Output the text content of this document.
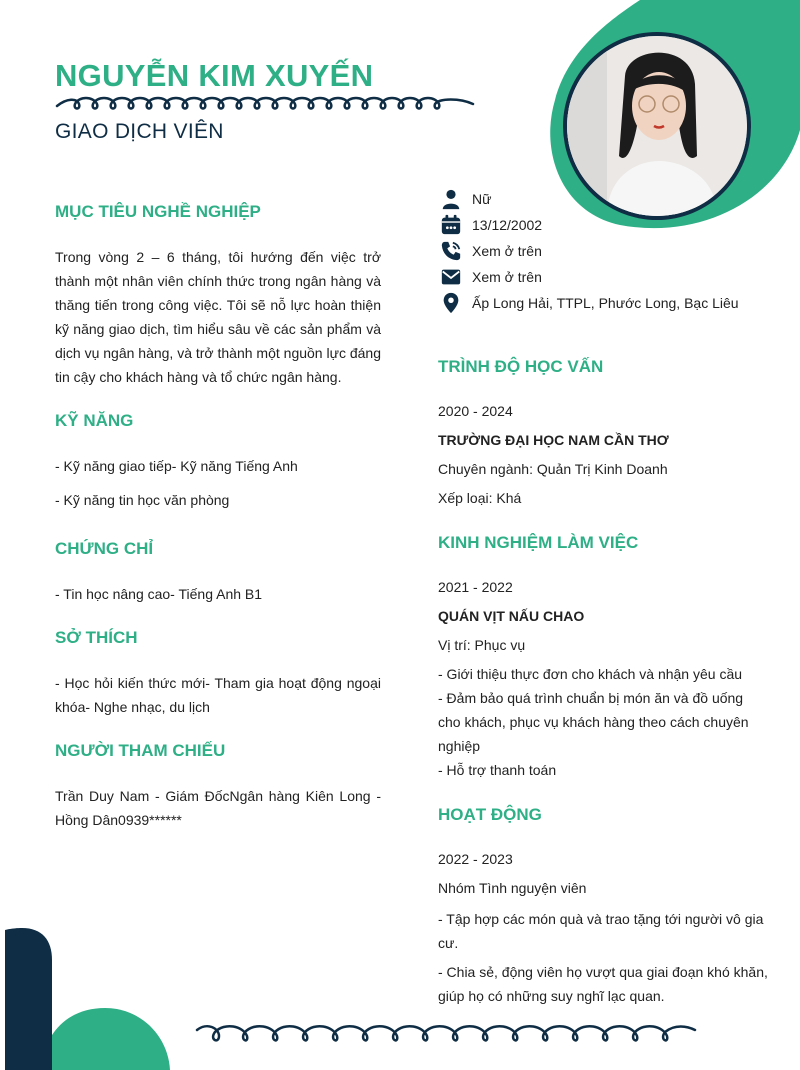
NGUYỄN KIM XUYẾN
GIAO DỊCH VIÊN
Nữ
13/12/2002
Xem ở trên
Xem ở trên
Ấp Long Hải, TTPL, Phước Long, Bạc Liêu
MỤC TIÊU NGHỀ NGHIỆP

Trong vòng 2 – 6 tháng, tôi hướng đến việc trở thành một nhân viên chính thức trong ngân hàng và thăng tiến trong công việc. Tôi sẽ nỗ lực hoàn thiện kỹ năng giao dịch, tìm hiểu sâu về các sản phẩm và dịch vụ ngân hàng, và trở thành một nguồn lực đáng tin cậy cho khách hàng và tổ chức ngân hàng.

KỸ NĂNG

- Kỹ năng giao tiếp- Kỹ năng Tiếng Anh

- Kỹ năng tin học văn phòng

CHỨNG CHỈ

- Tin học nâng cao- Tiếng Anh B1

SỞ THÍCH

- Học hỏi kiến thức mới- Tham gia hoạt động ngoại khóa- Nghe nhạc, du lịch

NGƯỜI THAM CHIẾU

Trần Duy Nam - Giám ĐốcNgân hàng Kiên Long - Hồng Dân0939******

TRÌNH ĐỘ HỌC VẤN

2020 - 2024

TRƯỜNG ĐẠI HỌC NAM CẦN THƠ

Chuyên ngành: Quản Trị Kinh Doanh

Xếp loại: Khá

KINH NGHIỆM LÀM VIỆC

2021 - 2022

QUÁN VỊT NẤU CHAO

Vị trí: Phục vụ

- Giới thiệu thực đơn cho khách và nhận yêu cầu

- Đảm bảo quá trình chuẩn bị món ăn và đồ uống cho khách, phục vụ khách hàng theo cách chuyên nghiệp

- Hỗ trợ thanh toán

HOẠT ĐỘNG

2022 - 2023

Nhóm Tình nguyện viên

- Tập hợp các món quà và trao tặng tới người vô gia cư.

- Chia sẻ, động viên họ vượt qua giai đoạn khó khăn, giúp họ có những suy nghĩ lạc quan.
